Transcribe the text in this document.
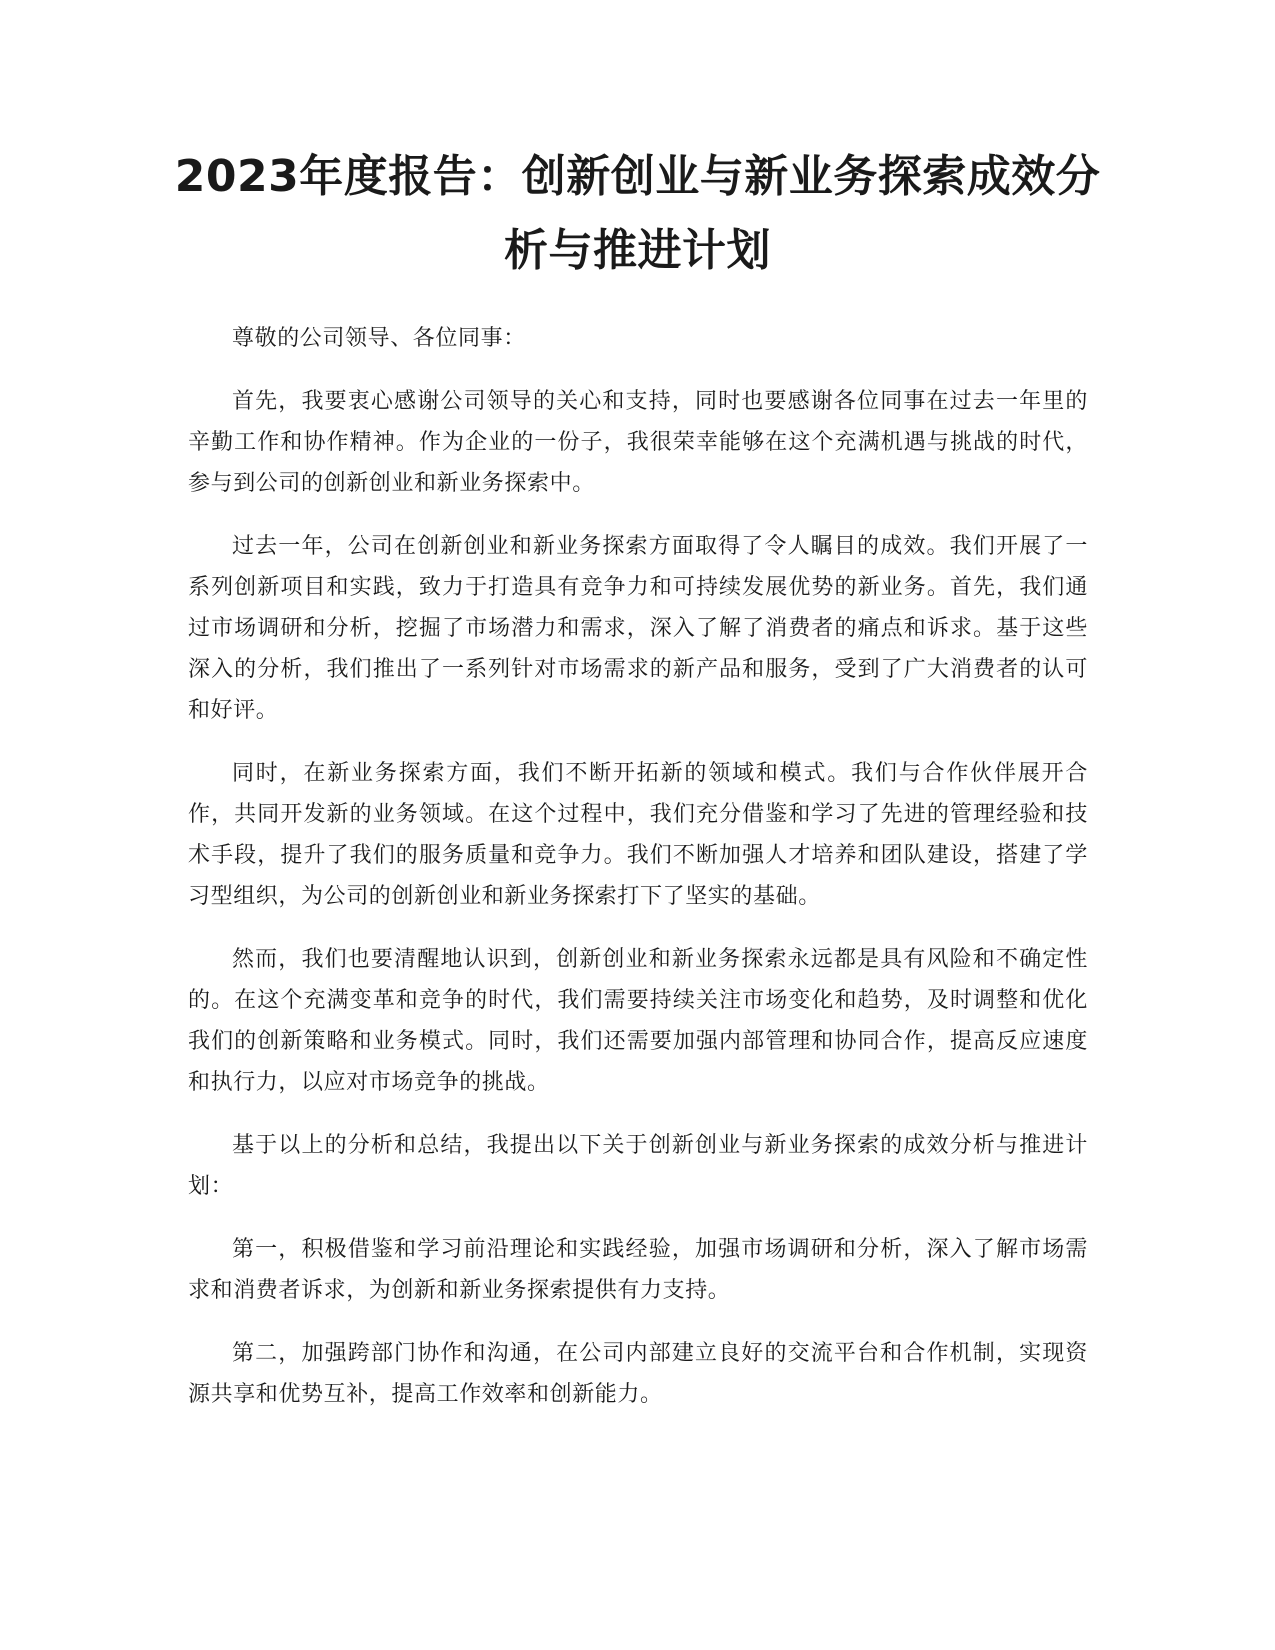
2023年度报告：创新创业与新业务探索成效分析与推进计划

尊敬的公司领导、各位同事：

首先，我要衷心感谢公司领导的关心和支持，同时也要感谢各位同事在过去一年里的辛勤工作和协作精神。作为企业的一份子，我很荣幸能够在这个充满机遇与挑战的时代，参与到公司的创新创业和新业务探索中。

过去一年，公司在创新创业和新业务探索方面取得了令人瞩目的成效。我们开展了一系列创新项目和实践，致力于打造具有竞争力和可持续发展优势的新业务。首先，我们通过市场调研和分析，挖掘了市场潜力和需求，深入了解了消费者的痛点和诉求。基于这些深入的分析，我们推出了一系列针对市场需求的新产品和服务，受到了广大消费者的认可和好评。

同时，在新业务探索方面，我们不断开拓新的领域和模式。我们与合作伙伴展开合作，共同开发新的业务领域。在这个过程中，我们充分借鉴和学习了先进的管理经验和技术手段，提升了我们的服务质量和竞争力。我们不断加强人才培养和团队建设，搭建了学习型组织，为公司的创新创业和新业务探索打下了坚实的基础。

然而，我们也要清醒地认识到，创新创业和新业务探索永远都是具有风险和不确定性的。在这个充满变革和竞争的时代，我们需要持续关注市场变化和趋势，及时调整和优化我们的创新策略和业务模式。同时，我们还需要加强内部管理和协同合作，提高反应速度和执行力，以应对市场竞争的挑战。

基于以上的分析和总结，我提出以下关于创新创业与新业务探索的成效分析与推进计划：

第一，积极借鉴和学习前沿理论和实践经验，加强市场调研和分析，深入了解市场需求和消费者诉求，为创新和新业务探索提供有力支持。

第二，加强跨部门协作和沟通，在公司内部建立良好的交流平台和合作机制，实现资源共享和优势互补，提高工作效率和创新能力。
